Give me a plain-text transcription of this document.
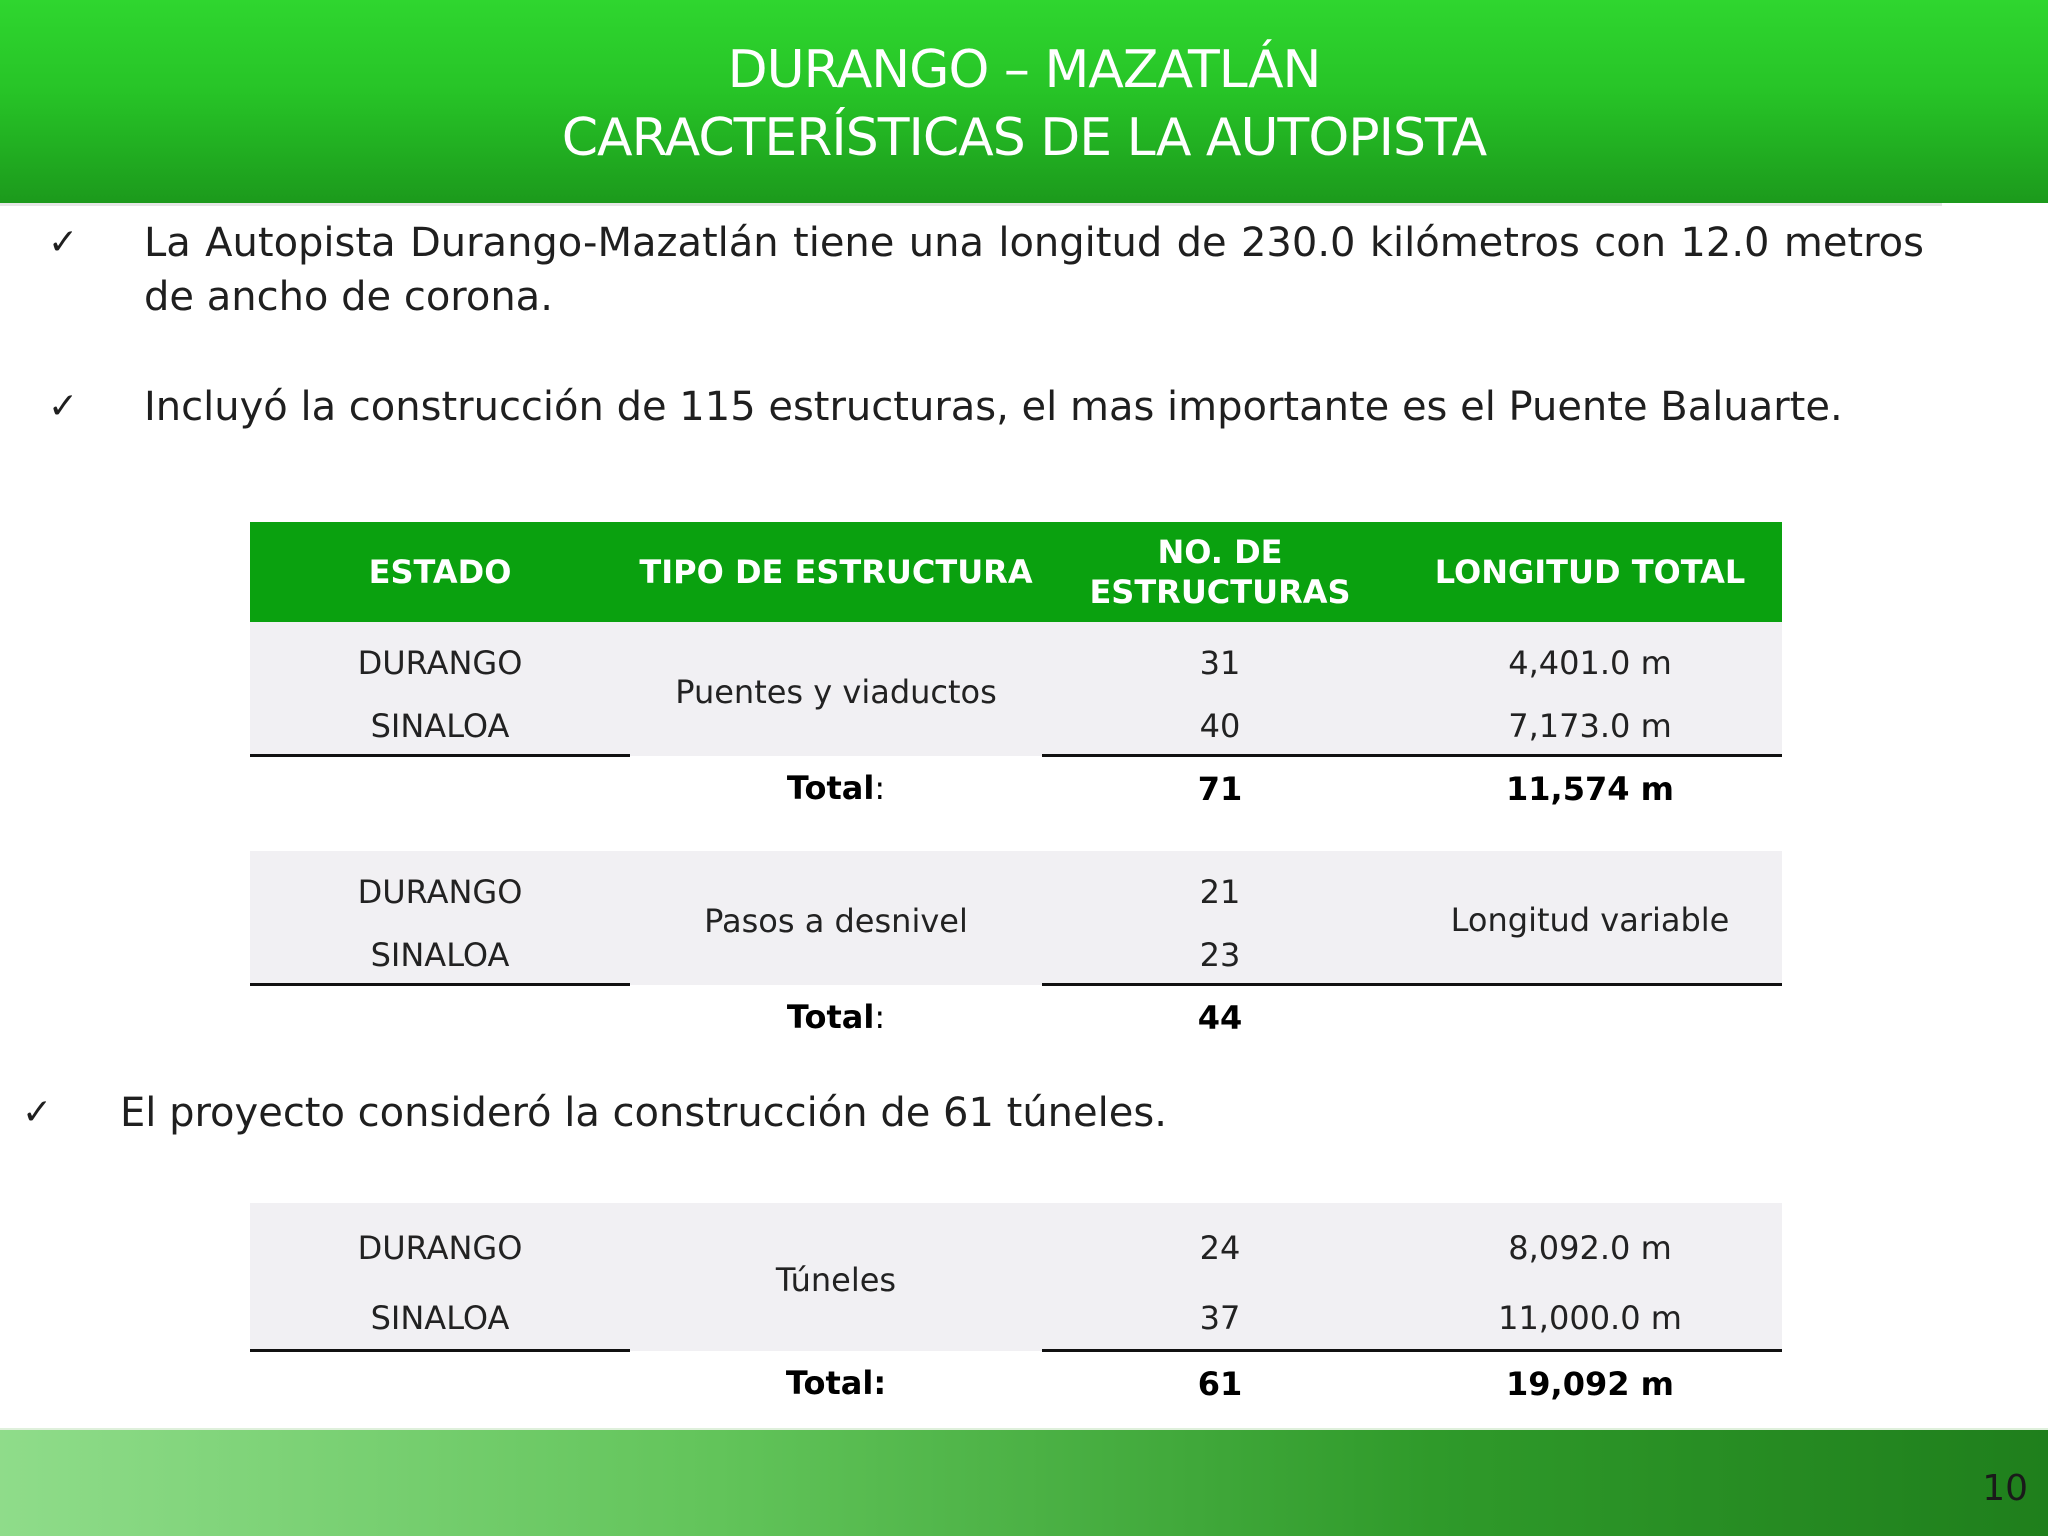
DURANGO – MAZATLÁN
CARACTERÍSTICAS DE LA AUTOPISTA
✓ La Autopista Durango-Mazatlán tiene una longitud de 230.0 kilómetros con 12.0 metros de ancho de corona.
✓ Incluyó la construcción de 115 estructuras, el mas importante es el Puente Baluarte.
ESTADO	TIPO DE ESTRUCTURA	NO. DE ESTRUCTURAS	LONGITUD TOTAL
DURANGO	Puentes y viaductos	31	4,401.0 m
SINALOA		40	7,173.0 m
	Total:	71	11,574 m
DURANGO	Pasos a desnivel	21	Longitud variable
SINALOA		23	
	Total:	44	
✓ El proyecto consideró la construcción de 61 túneles.
DURANGO	Túneles	24	8,092.0 m
SINALOA		37	11,000.0 m
	Total:	61	19,092 m
10
